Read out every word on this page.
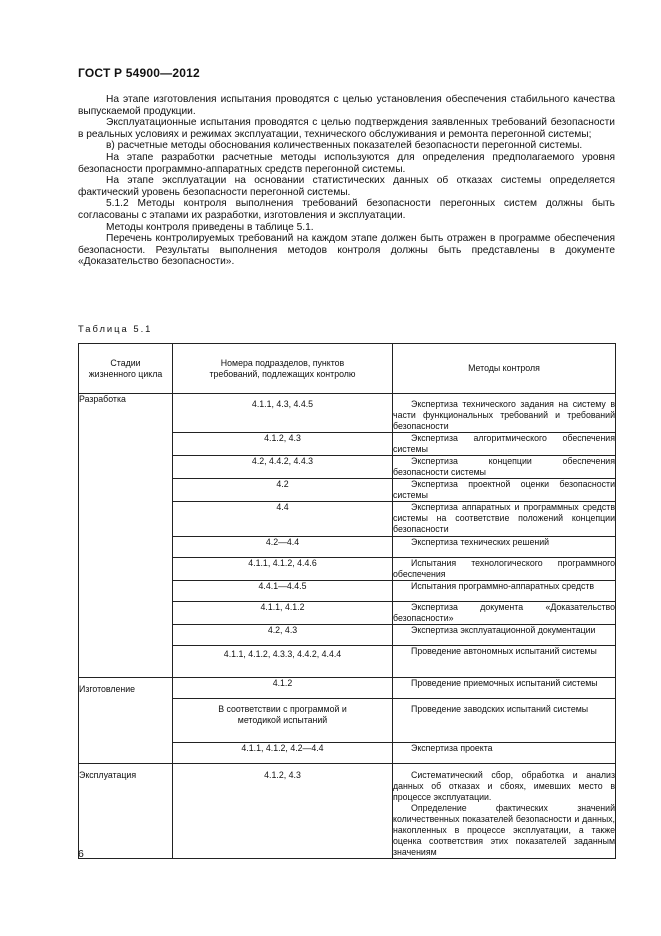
ГОСТ Р 54900—2012

На этапе изготовления испытания проводятся с целью установления обеспечения стабильного качества выпускаемой продукции.

Эксплуатационные испытания проводятся с целью подтверждения заявленных требований безопасности в реальных условиях и режимах эксплуатации, технического обслуживания и ремонта перегонной системы;

в) расчетные методы обоснования количественных показателей безопасности перегонной системы.

На этапе разработки расчетные методы используются для определения предполагаемого уровня безопасности программно-аппаратных средств перегонной системы.

На этапе эксплуатации на основании статистических данных об отказах системы определяется фактический уровень безопасности перегонной системы.

5.1.2 Методы контроля выполнения требований безопасности перегонных систем должны быть согласованы с этапами их разработки, изготовления и эксплуатации.

Методы контроля приведены в таблице 5.1.

Перечень контролируемых требований на каждом этапе должен быть отражен в программе обеспечения безопасности. Результаты выполнения методов контроля должны быть представлены в документе «Доказательство безопасности».

Таблица 5.1
Стадии жизненного цикла	Номера подразделов, пунктов требований, подлежащих контролю	Методы контроля
Разработка	4.1.1, 4.3, 4.4.5	Экспертиза технического задания на систему в части функциональных требований и требований безопасности

	4.1.2, 4.3	Экспертиза алгоритмического обеспечения системы

	4.2, 4.4.2, 4.4.3	Экспертиза концепции обеспечения безопасности системы

	4.2	Экспертиза проектной оценки безопасности системы

	4.4	Экспертиза аппаратных и программных средств системы на соответствие положений концепции безопасности

	4.2—4.4	Экспертиза технических решений

	4.1.1, 4.1.2, 4.4.6	Испытания технологического программного обеспечения

	4.4.1—4.4.5	Испытания программно-аппаратных средств

	4.1.1, 4.1.2	Экспертиза документа «Доказательство безопасности»

	4.2, 4.3	Экспертиза эксплуатационной документации

	4.1.1, 4.1.2, 4.3.3, 4.4.2, 4.4.4	Проведение автономных испытаний системы

Изготовление	4.1.2	Проведение приемочных испытаний системы

	В соответствии с программой и методикой испытаний	Проведение заводских испытаний системы

	4.1.1, 4.1.2, 4.2—4.4	Экспертиза проекта

Эксплуатация	4.1.2, 4.3	Систематический сбор, обработка и анализ данных об отказах и сбоях, имевших место в процессе эксплуатации.

Определение фактических значений количественных показателей безопасности и данных, накопленных в процессе эксплуатации, а также оценка соответствия этих показателей заданным значениям

6
